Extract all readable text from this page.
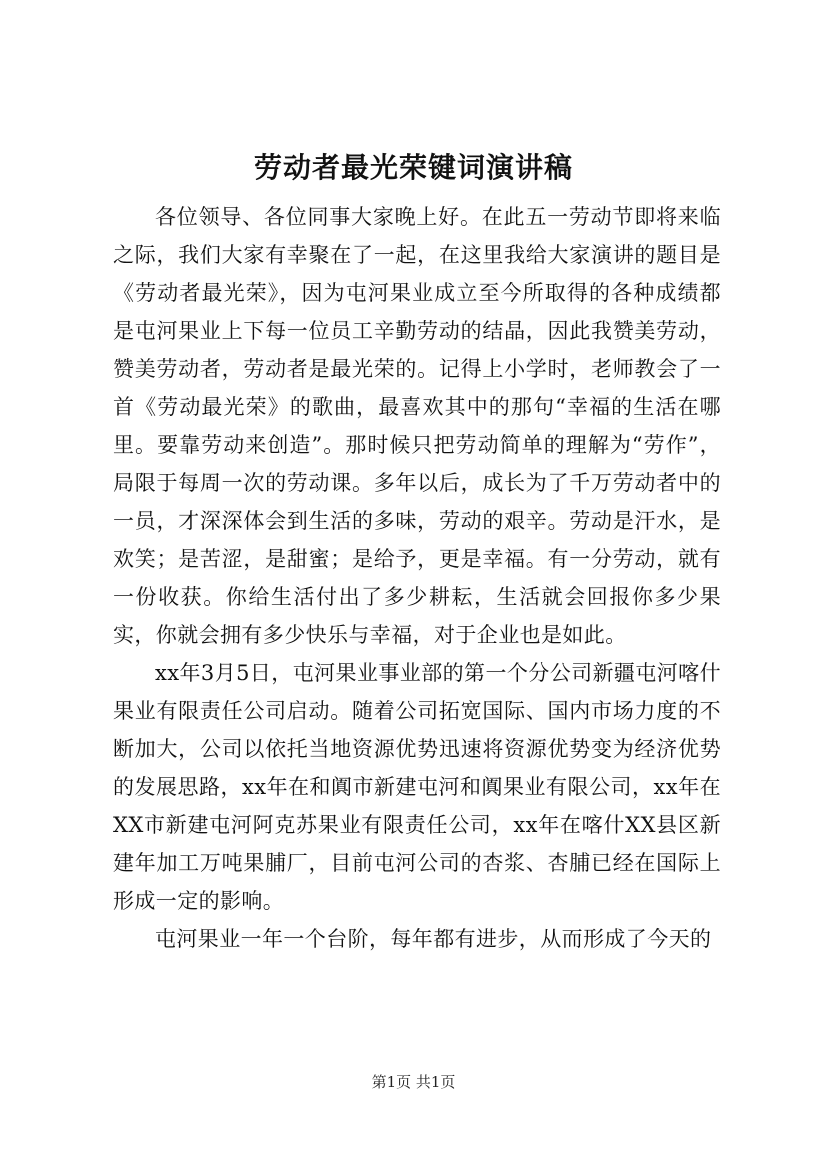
劳动者最光荣键词演讲稿

各位领导、各位同事大家晚上好。在此五一劳动节即将来临之际，我们大家有幸聚在了一起，在这里我给大家演讲的题目是《劳动者最光荣》，因为屯河果业成立至今所取得的各种成绩都是屯河果业上下每一位员工辛勤劳动的结晶，因此我赞美劳动，赞美劳动者，劳动者是最光荣的。记得上小学时，老师教会了一首《劳动最光荣》的歌曲，最喜欢其中的那句“幸福的生活在哪里。要靠劳动来创造”。那时候只把劳动简单的理解为“劳作”，局限于每周一次的劳动课。多年以后，成长为了千万劳动者中的一员，才深深体会到生活的多味，劳动的艰辛。劳动是汗水，是欢笑；是苦涩，是甜蜜；是给予，更是幸福。有一分劳动，就有一份收获。你给生活付出了多少耕耘，生活就会回报你多少果实，你就会拥有多少快乐与幸福，对于企业也是如此。

xx年3月5日，屯河果业事业部的第一个分公司新疆屯河喀什果业有限责任公司启动。随着公司拓宽国际、国内市场力度的不断加大，公司以依托当地资源优势迅速将资源优势变为经济优势的发展思路，xx年在和阗市新建屯河和阗果业有限公司，xx年在XX市新建屯河阿克苏果业有限责任公司，xx年在喀什XX县区新建年加工万吨果脯厂，目前屯河公司的杏浆、杏脯已经在国际上形成一定的影响。

屯河果业一年一个台阶，每年都有进步，从而形成了今天的

第1页 共1页
